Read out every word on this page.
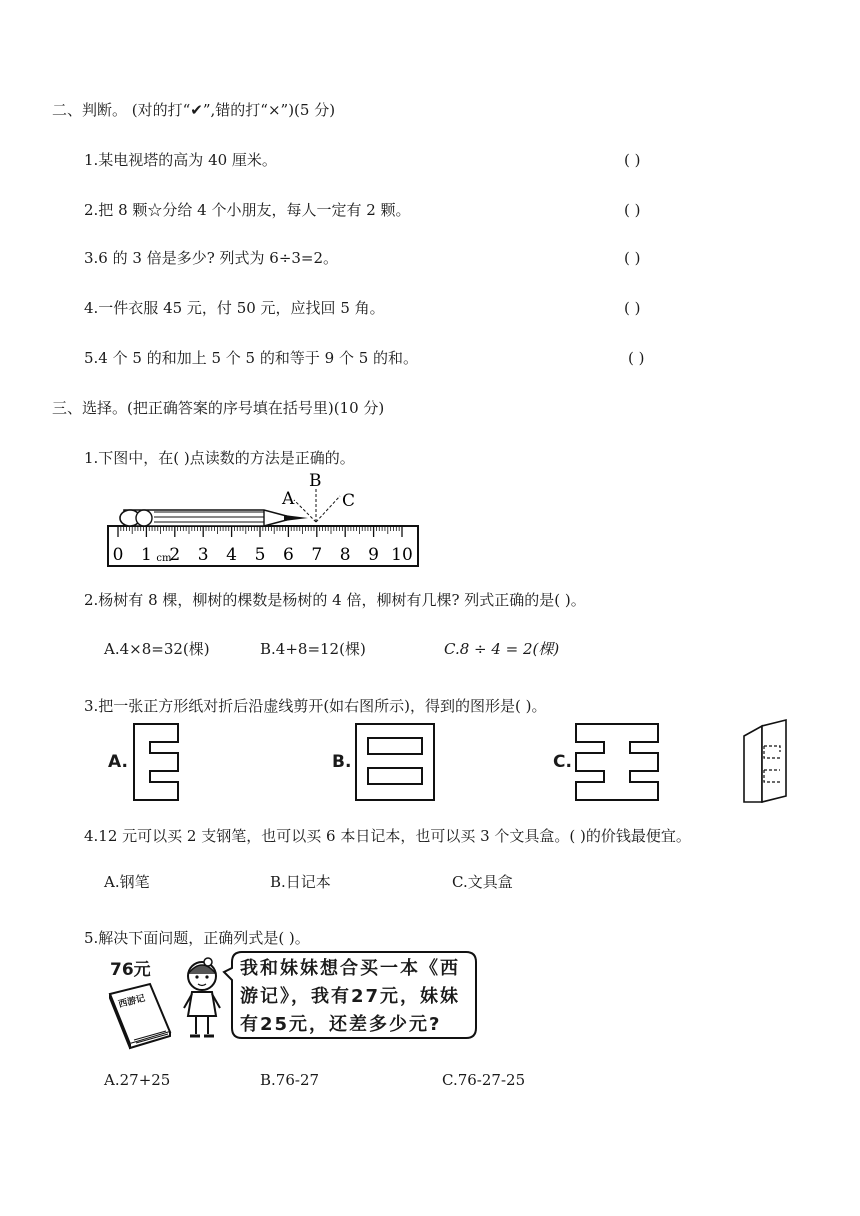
二、判断。 (对的打“✔”,错的打“×”)(5 分)
1.某电视塔的高为 40 厘米。	( )
2.把 8 颗☆分给 4 个小朋友，每人一定有 2 颗。	( )
3.6 的 3 倍是多少? 列式为 6÷3=2。	( )
4.一件衣服 45 元，付 50 元，应找回 5 角。	( )
5.4 个 5 的和加上 5 个 5 的和等于 9 个 5 的和。	( )
三、选择。(把正确答案的序号填在括号里)(10 分)
1.下图中，在( )点读数的方法是正确的。
0 1 2 3 4 5 6 7 8 9 10
cm
A
B
C
2.杨树有 8 棵，柳树的棵数是杨树的 4 倍，柳树有几棵? 列式正确的是( )。
A.4×8=32(棵)	B.4+8=12(棵)	C.8 ÷ 4 = 2(棵)
3.把一张正方形纸对折后沿虚线剪开(如右图所示)，得到的图形是( )。
A.	B.	C.
4.12 元可以买 2 支钢笔，也可以买 6 本日记本，也可以买 3 个文具盒。( )的价钱最便宜。
A.钢笔	B.日记本	C.文具盒
5.解决下面问题，正确列式是( )。
76元
西游记
我和妹妹想合买一本《西
游记》，我有27元，妹妹
有25元，还差多少元?
A.27+25	B.76-27	C.76-27-25
